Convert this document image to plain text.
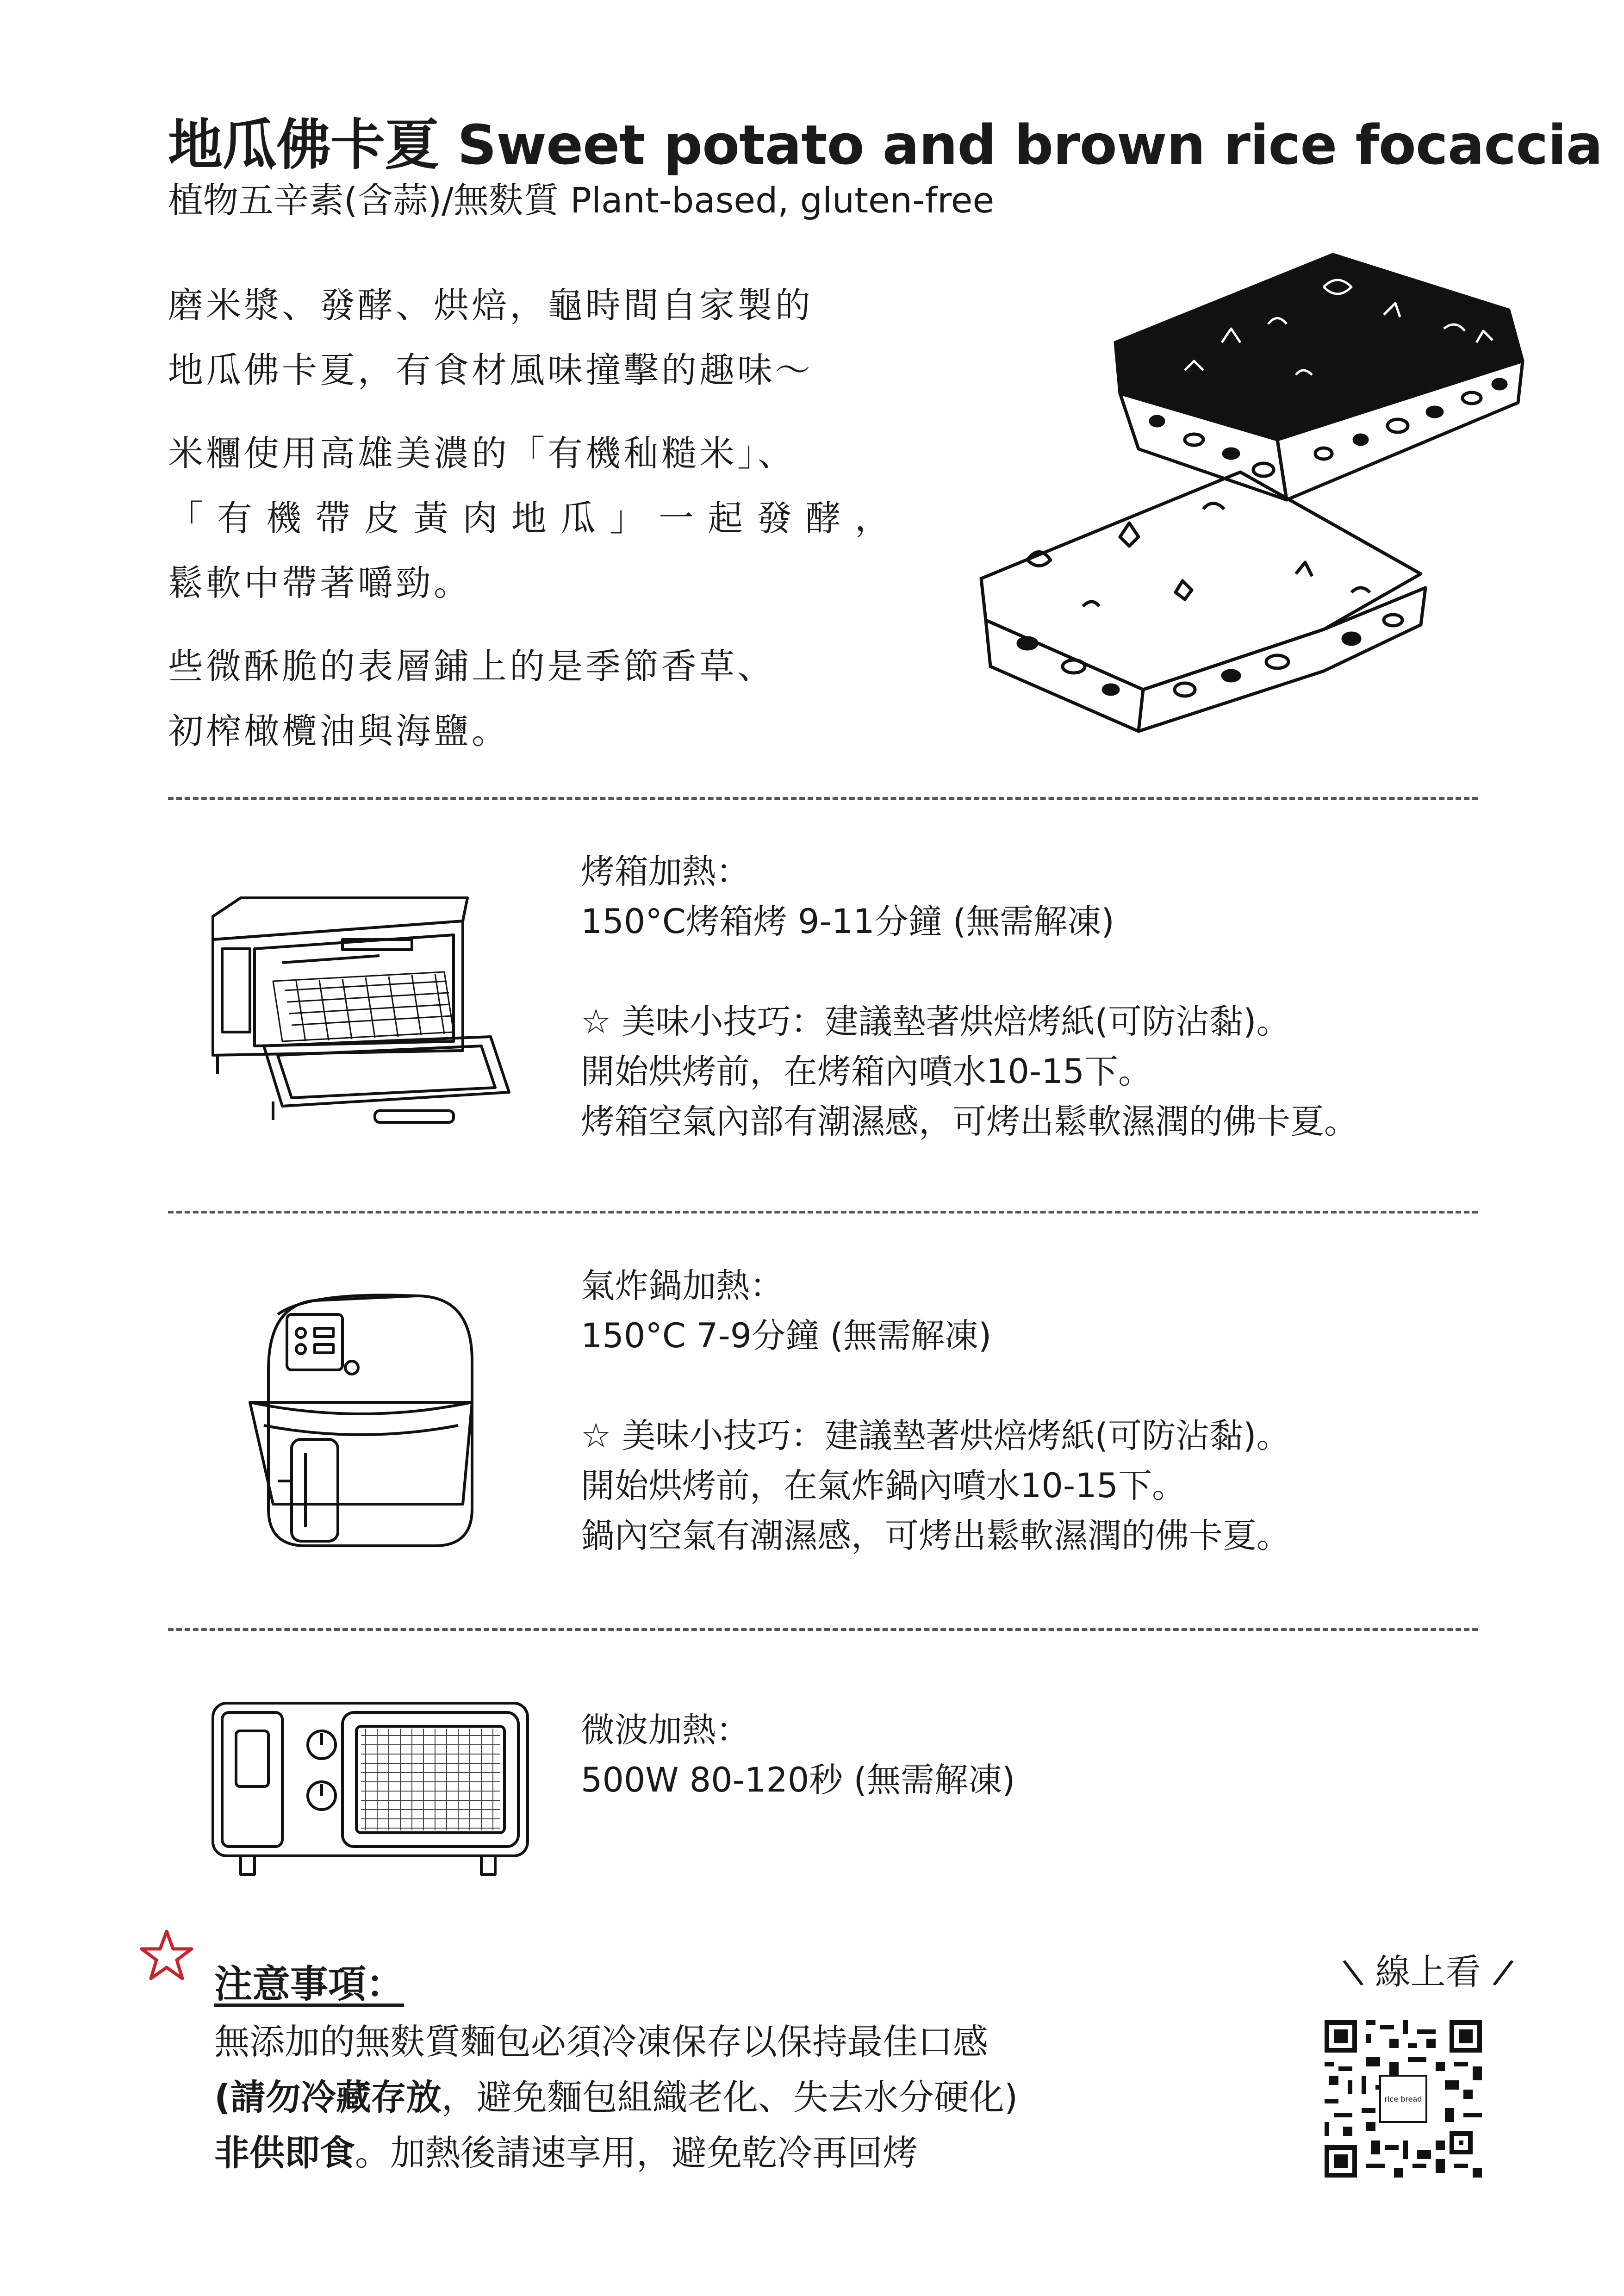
地瓜佛卡夏 Sweet potato and brown rice focaccia
植物五辛素(含蒜)/無麩質 Plant-based, gluten-free
磨米漿、發酵、烘焙，龜時間自家製的
地瓜佛卡夏，有食材風味撞擊的趣味～
米糰使用高雄美濃的「有機秈糙米」、
「有機帶皮黃肉地瓜」一起發酵，
鬆軟中帶著嚼勁。
些微酥脆的表層鋪上的是季節香草、
初榨橄欖油與海鹽。
烤箱加熱：
150°C烤箱烤 9-11分鐘 (無需解凍)
☆ 美味小技巧：建議墊著烘焙烤紙(可防沾黏)。
開始烘烤前，在烤箱內噴水10-15下。
烤箱空氣內部有潮濕感，可烤出鬆軟濕潤的佛卡夏。
氣炸鍋加熱：
150°C 7-9分鐘 (無需解凍)
☆ 美味小技巧：建議墊著烘焙烤紙(可防沾黏)。
開始烘烤前，在氣炸鍋內噴水10-15下。
鍋內空氣有潮濕感，可烤出鬆軟濕潤的佛卡夏。
微波加熱：
500W 80-120秒 (無需解凍)
注意事項：
無添加的無麩質麵包必須冷凍保存以保持最佳口感
(請勿冷藏存放，避免麵包組織老化、失去水分硬化)
非供即食。加熱後請速享用，避免乾冷再回烤
\ 線上看 /
rice bread
